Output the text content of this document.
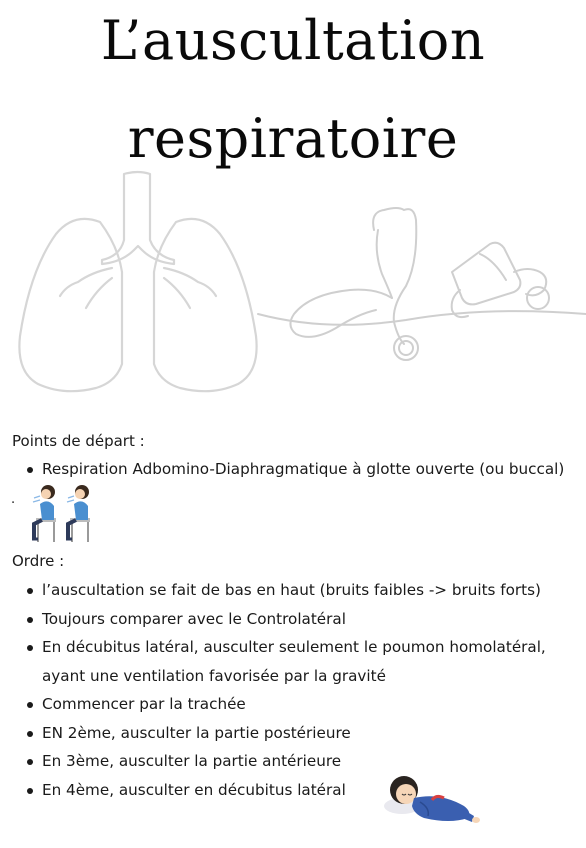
L’auscultation
respiratoire
Points de départ :
Respiration Adbomino-Diaphragmatique à glotte ouverte (ou buccal)
.
Ordre :
l’auscultation se fait de bas en haut (bruits faibles -> bruits forts)
Toujours comparer avec le Controlatéral
En décubitus latéral, ausculter seulement le poumon homolatéral,
ayant une ventilation favorisée par la gravité
Commencer par la trachée
EN 2ème, ausculter la partie postérieure
En 3ème, ausculter la partie antérieure
En 4ème, ausculter en décubitus latéral
